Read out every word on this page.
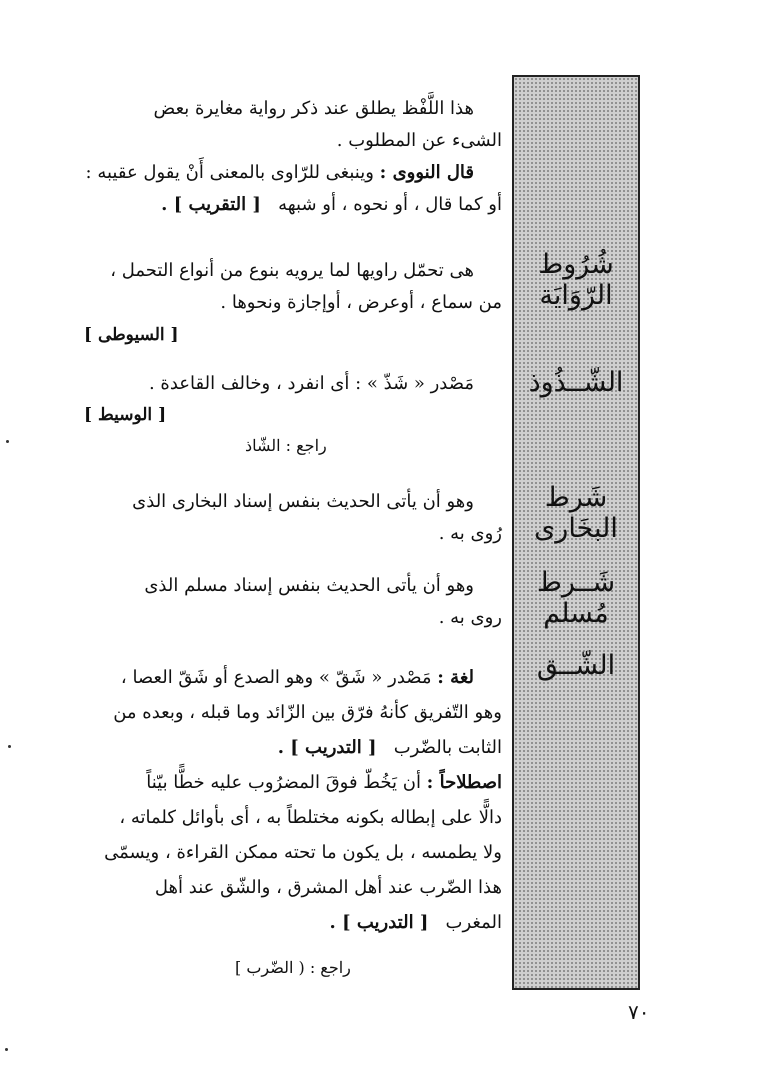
شُرُوط الرّوَايَة
الشّــذُوذ
شَرط البخَارى
شَــرط مُسلم
الشّــق
هذا اللَّفْظ يطلق عند ذكر رواية مغايرة بعض
الشىء عن المطلوب .
قال النووى : وينبغى للرّاوى بالمعنى أَنْ يقول عقيبه :
أو كما قال ، أو نحوه ، أو شبهه   [ التقريب ] .
هى تحمّل راويها لما يرويه بنوع من أنواع التحمل ،
من سماع ، أوعرض ، أوإجازة ونحوها .
[ السيوطى ]
مَصْدر « شَذّ » : أى انفرد ، وخالف القاعدة .
[ الوسيط ]
راجع : الشّاذ
وهو أن يأتى الحديث بنفس إسناد البخارى الذى
رُوى به .
وهو أن يأتى الحديث بنفس إسناد مسلم الذى
روى به .
لغة : مَصْدر « شَقّ » وهو الصدع أو شَقّ العصا ،
وهو التّفريق كأنهُ فرّق بين الزّائد وما قبله ، وبعده من
الثابت بالضّرب   [ التدريب ] .
اصطلاحاً : أن يَخُطّ فوقَ المضرُوب عليه خطًّا بيّناً
دالًّا على إبطاله بكونه مختلطاً به ، أى بأوائل كلماته ،
ولا يطمسه ، بل يكون ما تحته ممكن القراءة ، ويسمّى
هذا الضّرب عند أهل المشرق ، والشّق عند أهل
المغرب   [ التدريب ] .
راجع : ( الضّرب ]
٧٠
